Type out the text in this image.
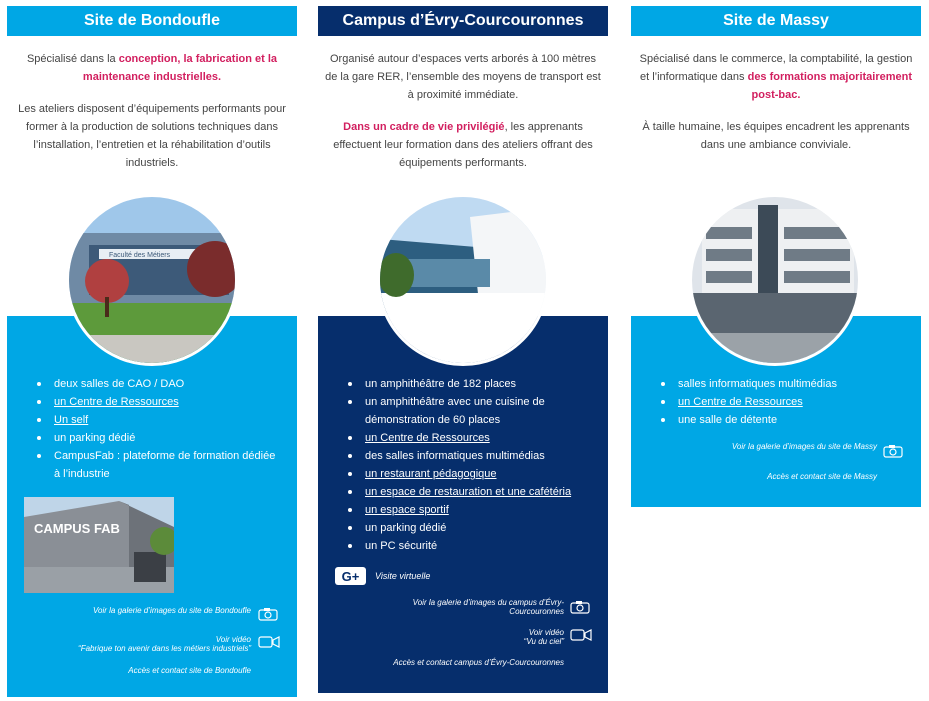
Site de Bondoufle

Spécialisé dans la conception, la fabrication et la maintenance industrielles.

Les ateliers disposent d’équipements performants pour former à la production de solutions techniques dans l’installation, l’entretien et la réhabilitation d’outils industriels.

deux salles de CAO / DAO
un Centre de Ressources
Un self
un parking dédié
CampusFab : plateforme de formation dédiée à l’industrie
CAMPUS FAB
Voir la galerie d’images du site de Bondoufle
Voir vidéo
“Fabrique ton avenir dans les métiers industriels”
Accès et contact site de Bondoufle
Faculté des Métiers
Campus d’Évry-Courcouronnes

Organisé autour d’espaces verts arborés à 100 mètres de la gare RER, l’ensemble des moyens de transport est à proximité immédiate.

Dans un cadre de vie privilégié, les apprenants effectuent leur formation dans des ateliers offrant des équipements performants.

un amphithéâtre de 182 places
un amphithéâtre avec une cuisine de démonstration de 60 places
un Centre de Ressources
des salles informatiques multimédias
un restaurant pédagogique
un espace de restauration et une cafétéria
un espace sportif
un parking dédié
un PC sécurité
G+	Visite virtuelle
Voir la galerie d’images du campus d’Évry-Courcouronnes
Voir vidéo
“Vu du ciel”
Accès et contact campus d’Évry-Courcouronnes
Site de Massy

Spécialisé dans le commerce, la comptabilité, la gestion et l’informatique dans des formations majoritairement post-bac.

À taille humaine, les équipes encadrent les apprenants dans une ambiance conviviale.

salles informatiques multimédias
un Centre de Ressources
une salle de détente
Voir la galerie d’images du site de Massy
Accès et contact site de Massy
